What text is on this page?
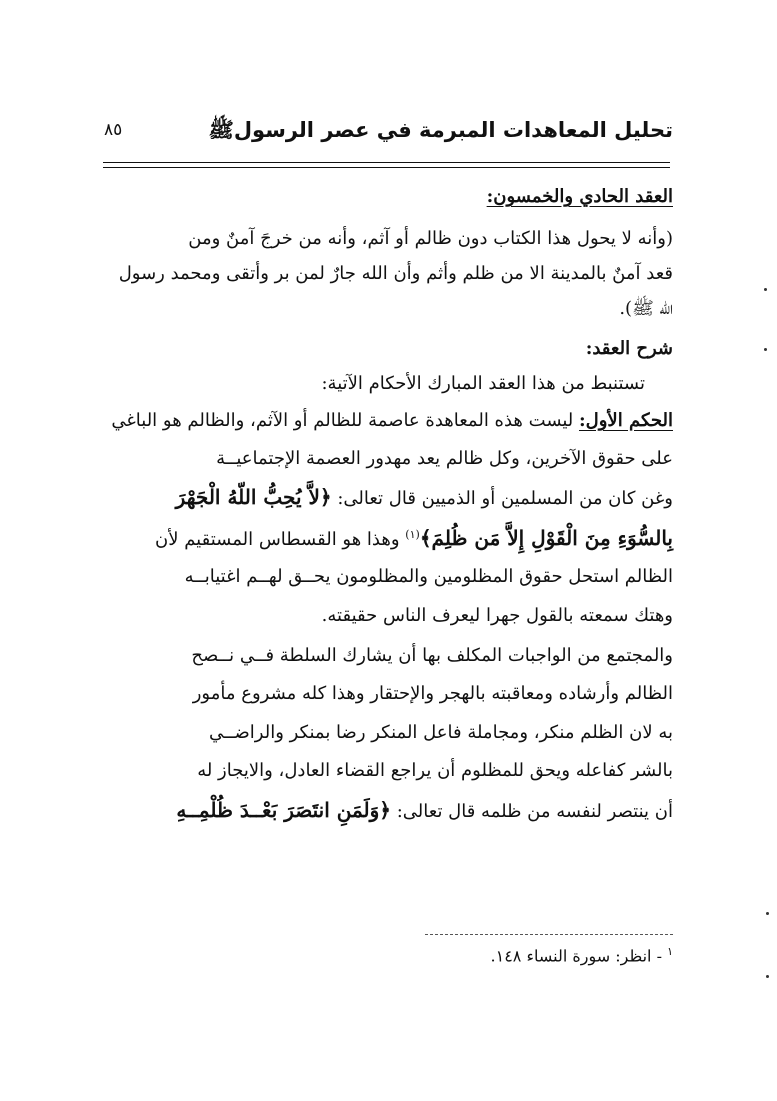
تحليل المعاهدات المبرمة في عصر الرسولﷺ
٨٥
العقد الحادي والخمسون:
(وأنه لا يحول هذا الكتاب دون ظالم أو آثم، وأنه من خرجَ آمنٌ ومن
قعد آمنٌ بالمدينة الا من ظلم وأثم وأن الله جارٌ لمن بر وأتقى ومحمد رسول
الله ﷺ).
شرح العقد:
تستنبط من هذا العقد المبارك الأحكام الآتية:
الحكم الأول: ليست هذه المعاهدة عاصمة للظالم أو الآثم، والظالم هو الباغي
على حقوق الآخرين، وكل ظالم يعد مهدور العصمة الإجتماعيــة
وغن كان من المسلمين أو الذميين قال تعالى: ﴿لاَّ يُحِبُّ اللّهُ الْجَهْرَ
بِالسُّوَءِ مِنَ الْقَوْلِ إِلاَّ مَن ظُلِمَ﴾$^{(١)}$ وهذا هو القسطاس المستقيم لأن
الظالم استحل حقوق المظلومين والمظلومون يحــق لهــم اغتيابــه
وهتك سمعته بالقول جهرا ليعرف الناس حقيقته.
والمجتمع من الواجبات المكلف بها أن يشارك السلطة فــي نــصح
الظالم وأرشاده ومعاقبته بالهجر والإحتقار وهذا كله مشروع مأمور
به لان الظلم منكر، ومجاملة فاعل المنكر رضا بمنكر والراضــي
بالشر كفاعله ويحق للمظلوم أن يراجع القضاء العادل، والايجاز له
أن ينتصر لنفسه من ظلمه قال تعالى: ﴿وَلَمَنِ انتَصَرَ بَعْــدَ ظُلْمِــهِ
$^١$ - انظر: سورة النساء ١٤٨.
